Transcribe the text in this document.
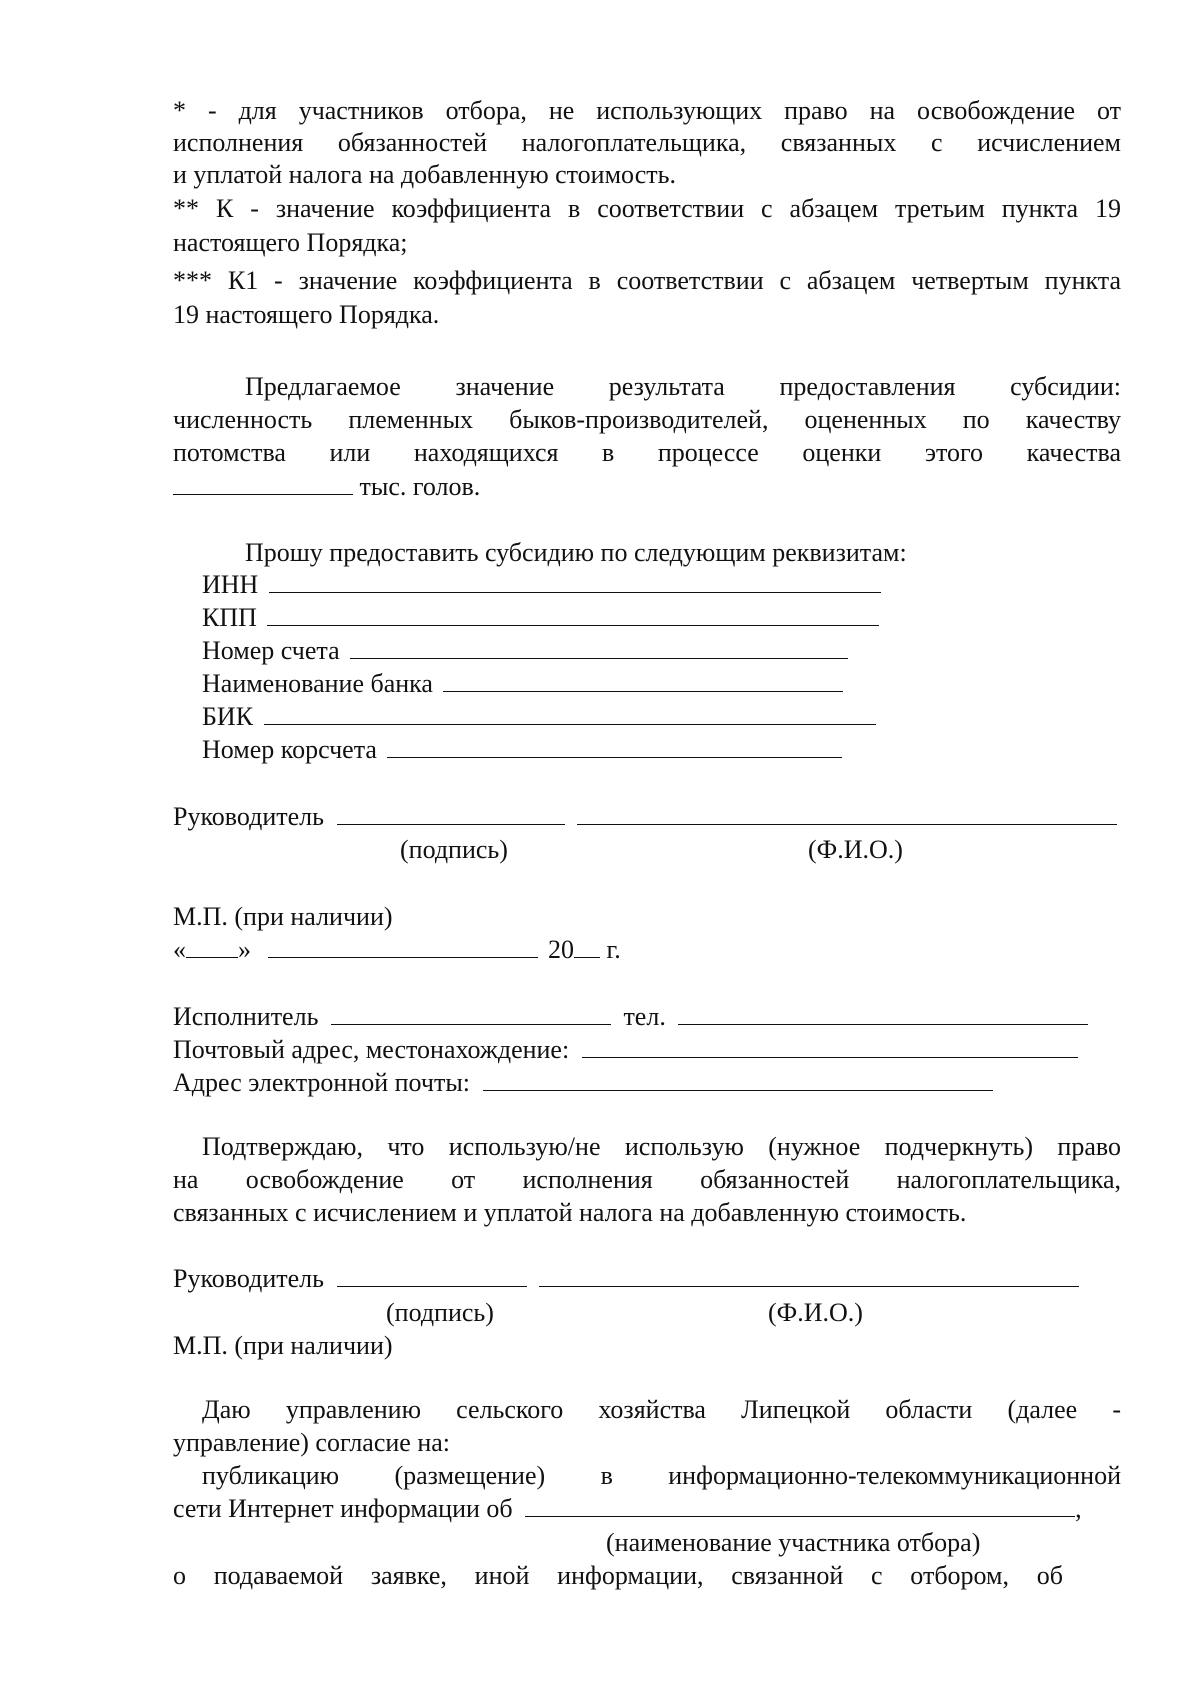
* - для участников отбора, не использующих право на освобождение от
исполнения обязанностей налогоплательщика, связанных с исчислением
и уплатой налога на добавленную стоимость.
** К - значение коэффициента в соответствии с абзацем третьим пункта 19
настоящего Порядка;
*** К1 - значение коэффициента в соответствии с абзацем четвертым пункта
19 настоящего Порядка.
Предлагаемое значение результата предоставления субсидии:
численность племенных быков-производителей, оцененных по качеству
потомства или находящихся в процессе оценки этого качества
тыс. голов.
Прошу предоставить субсидию по следующим реквизитам:
ИНН
КПП
Номер счета
Наименование банка
БИК
Номер корсчета
Руководитель
(подпись)	(Ф.И.О.)
М.П. (при наличии)
« »	20 г.
Исполнитель	тел.
Почтовый адрес, местонахождение:
Адрес электронной почты:
Подтверждаю, что использую/не использую (нужное подчеркнуть) право
на освобождение от исполнения обязанностей налогоплательщика,
связанных с исчислением и уплатой налога на добавленную стоимость.
Руководитель
(подпись)	(Ф.И.О.)
М.П. (при наличии)
Даю управлению сельского хозяйства Липецкой области (далее -
управление) согласие на:
публикацию (размещение) в информационно-телекоммуникационной
сети Интернет информации об	,
(наименование участника отбора)
о подаваемой заявке, иной информации, связанной с отбором, об
